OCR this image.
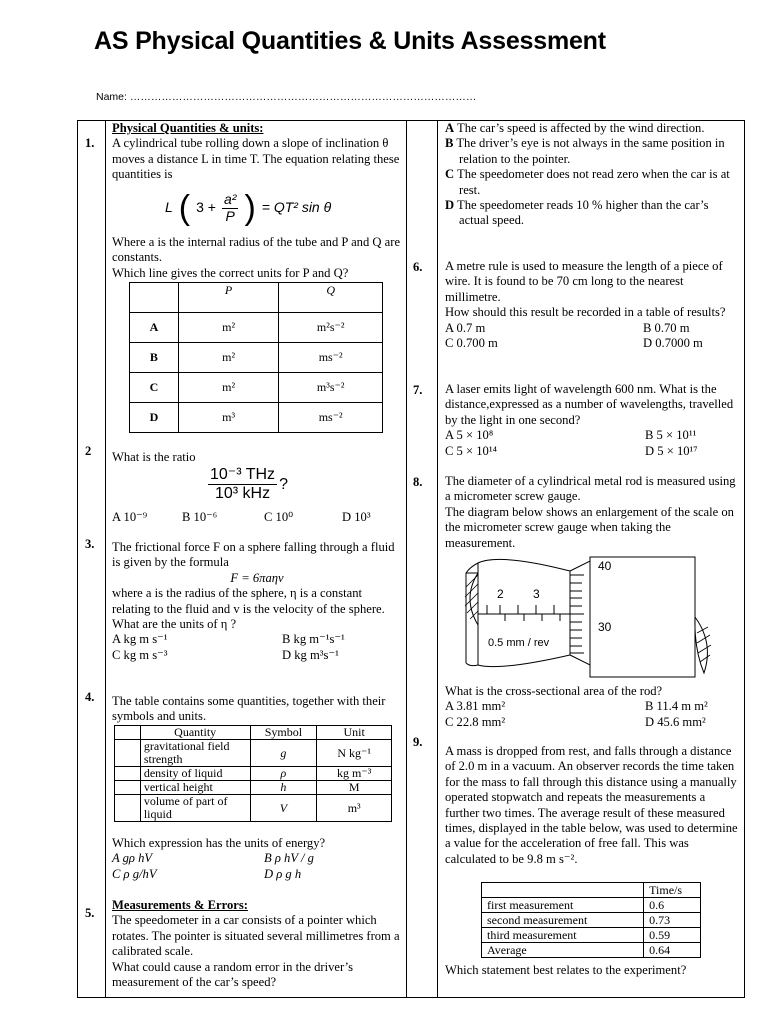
AS Physical Quantities & Units Assessment
Name: ………………………………………………………………………………………
1.

Physical Quantities & units:

A cylindrical tube rolling down a slope of inclination θ moves a distance L in time T. The equation relating these quantities is

L ( $3 + \frac{\text{a²}}{P}$ ) = QT² sin θ

Where a is the internal radius of the tube and P and Q are constants.

Which line gives the correct units for P and Q?

	P	Q
A	m²	m²s⁻²
B	m²	ms⁻²
C	m²	m³s⁻²
D	m³	ms⁻²
2 What is the ratio

$\frac{\text{10⁻³ THz}}{\text{10³ kHz}}$ ?
A 10⁻⁹	B 10⁻⁶	C 10⁰	D 10³
3. The frictional force F on a sphere falling through a fluid is given by the formula

F = 6πaην

where a is the radius of the sphere, η is a constant relating to the fluid and v is the velocity of the sphere.

What are the units of η ?

A kg m s⁻¹	B kg m⁻¹s⁻¹
C kg m s⁻³	D kg m³s⁻¹
4. The table contains some quantities, together with their symbols and units.

	Quantity	Symbol	Unit
	gravitational field strength	g	N kg⁻¹
	density of liquid	ρ	kg m⁻³
	vertical height	h	M
	volume of part of liquid	V	m³

Which expression has the units of energy?

A gρ hV	B ρ hV / g
C ρ g/hV	D ρ g h
5.

Measurements & Errors:

The speedometer in a car consists of a pointer which rotates. The pointer is situated several millimetres from a calibrated scale.

What could cause a random error in the driver’s measurement of the car’s speed?

A The car’s speed is affected by the wind direction.

B The driver’s eye is not always in the same position in relation to the pointer.

C The speedometer does not read zero when the car is at rest.

D The speedometer reads 10 % higher than the car’s actual speed.

6. A metre rule is used to measure the length of a piece of wire. It is found to be 70 cm long to the nearest millimetre.

How should this result be recorded in a table of results?

A 0.7 m	B 0.70 m
C 0.700 m	D 0.7000 m
7. A laser emits light of wavelength 600 nm. What is the distance,expressed as a number of wavelengths, travelled by the light in one second?

A 5 × 10⁸	B 5 × 10¹¹
C 5 × 10¹⁴	D 5 × 10¹⁷
8. The diameter of a cylindrical metal rod is measured using a micrometer screw gauge.

The diagram below shows an enlargement of the scale on the micrometer screw gauge when taking the measurement.

2 3
0.5 mm / rev
40
30

What is the cross-sectional area of the rod?

A 3.81 mm²	B 11.4 m m²
C 22.8 mm²	D 45.6 mm²
9.

A mass is dropped from rest, and falls through a distance of 2.0 m in a vacuum. An observer records the time taken for the mass to fall through this distance using a manually operated stopwatch and repeats the measurements a further two times. The average result of these measured times, displayed in the table below, was used to determine a value for the acceleration of free fall. This was calculated to be 9.8 m s⁻².

	Time/s
first measurement	0.6
second measurement	0.73
third measurement	0.59
Average	0.64

Which statement best relates to the experiment?
